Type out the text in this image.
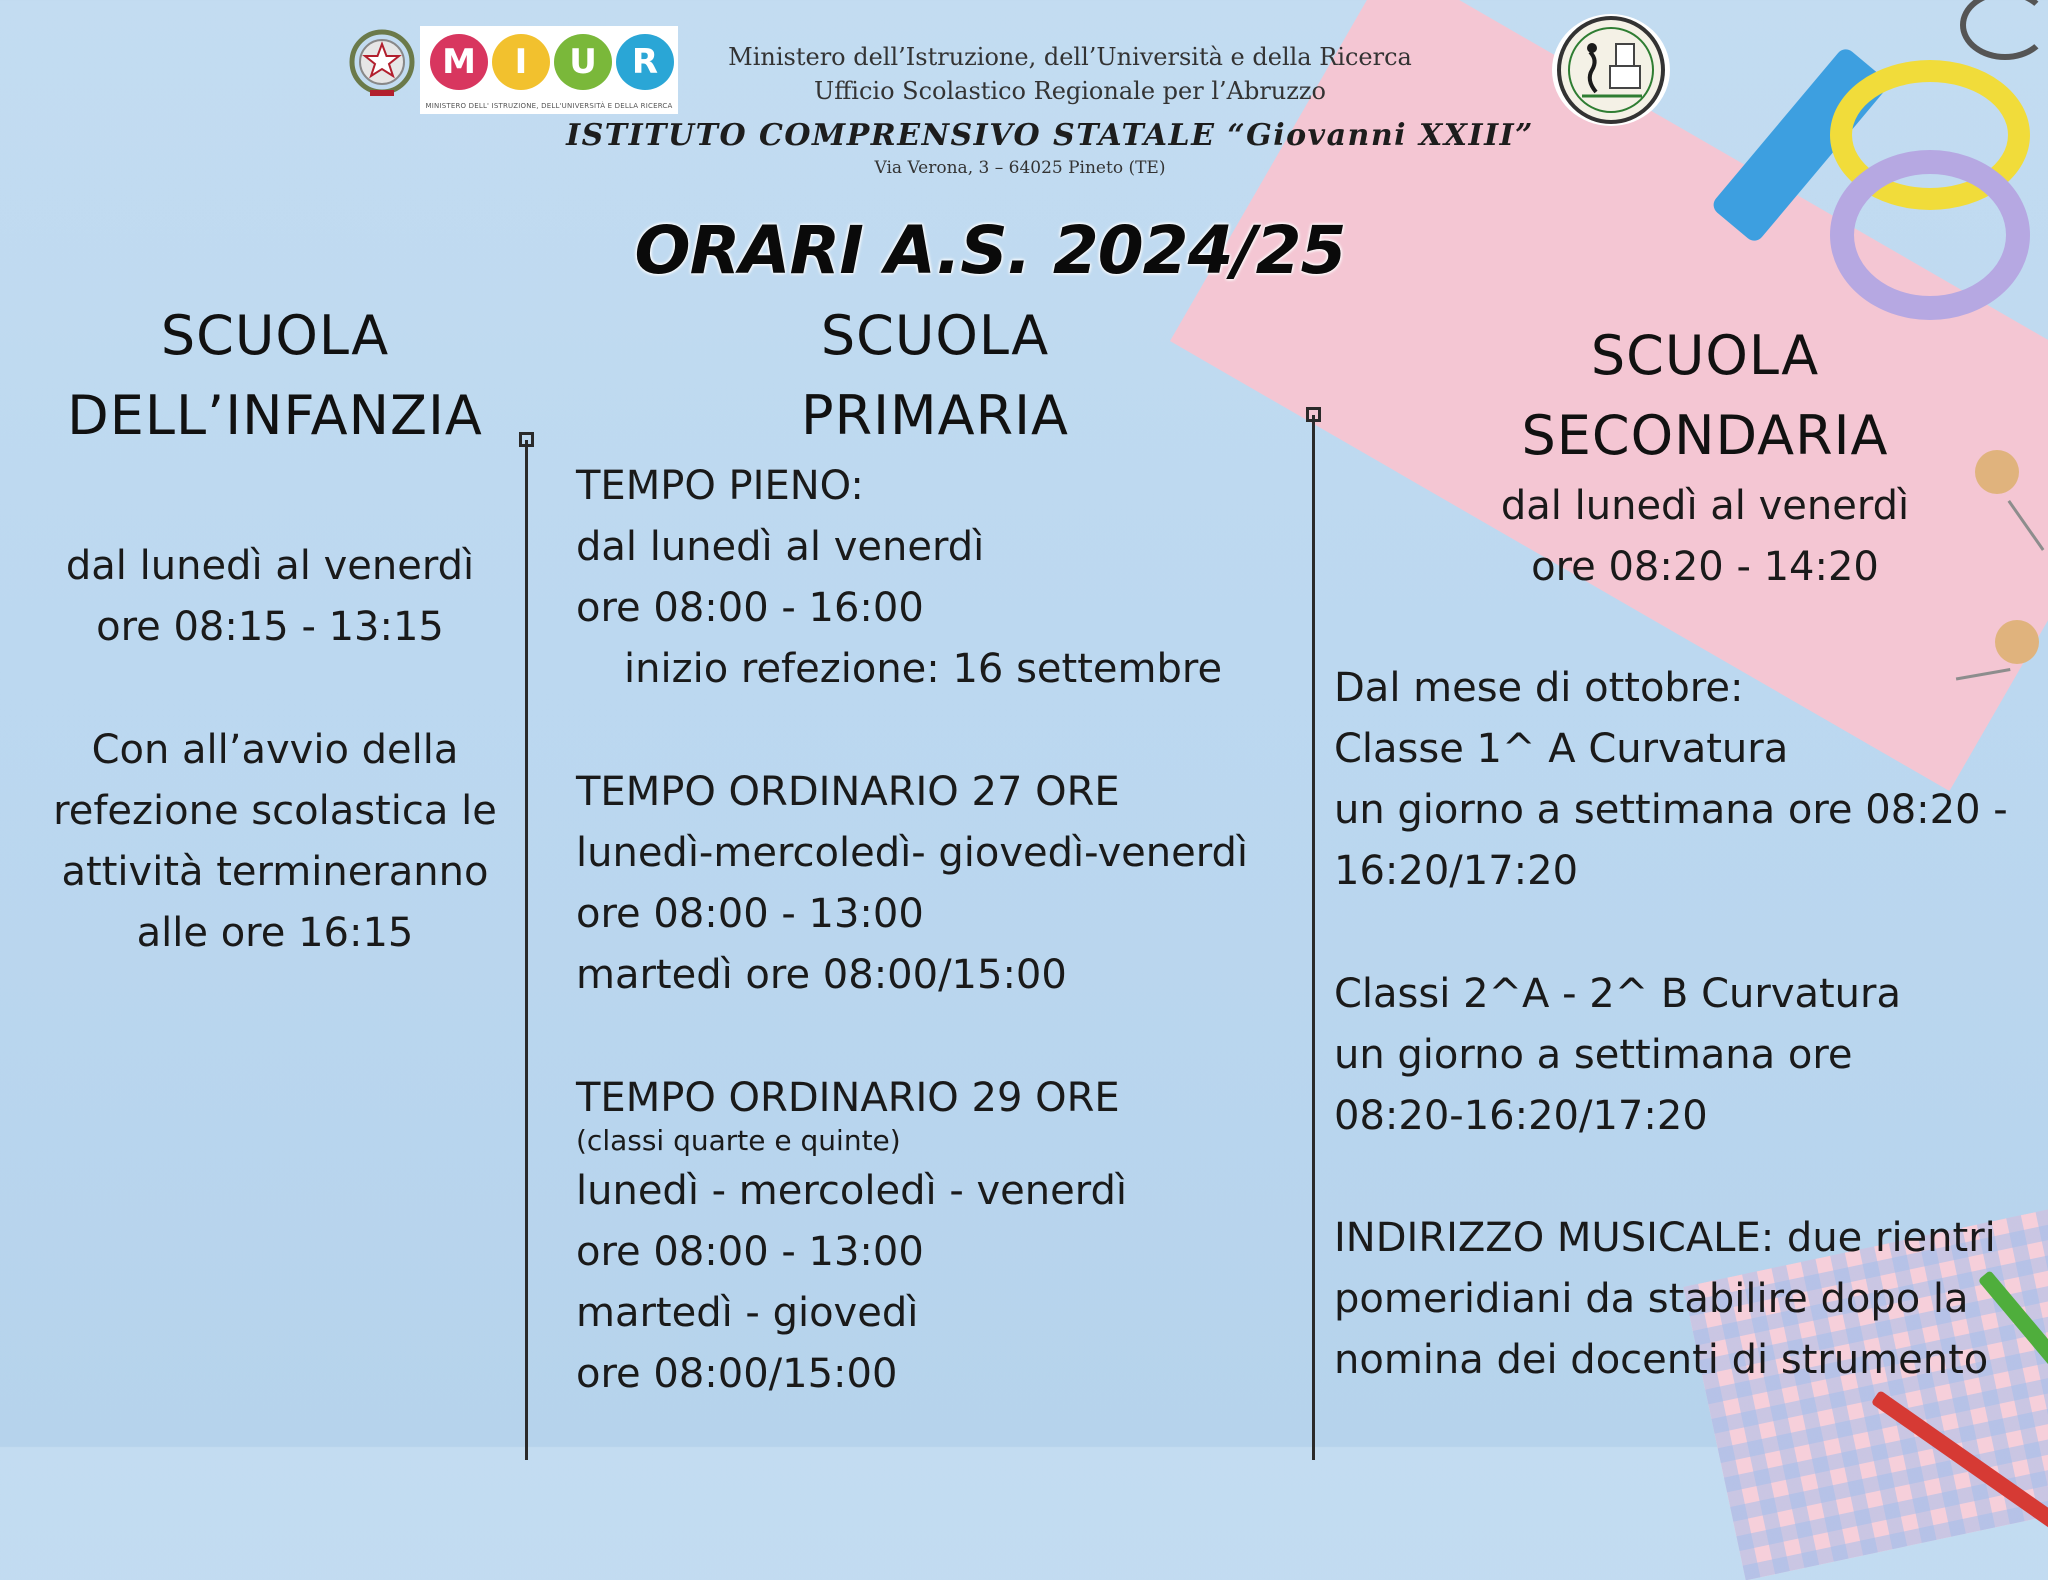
M	I	U	R
MINISTERO DELL' ISTRUZIONE, DELL'UNIVERSITÀ E DELLA RICERCA
Ministero dell’Istruzione, dell’Università e della Ricerca
Ufficio Scolastico Regionale per l’Abruzzo
ISTITUTO COMPRENSIVO STATALE “Giovanni XXIII”
Via Verona, 3 – 64025 Pineto (TE)
ORARI A.S. 2024/25
SCUOLA
DELL’INFANZIA
dal lunedì al venerdì
ore 08:15 - 13:15
Con all’avvio della
refezione scolastica le
attività termineranno
alle ore 16:15
SCUOLA
PRIMARIA
TEMPO PIENO:
dal lunedì al venerdì
ore 08:00 - 16:00
inizio refezione: 16 settembre
TEMPO ORDINARIO 27 ORE
lunedì-mercoledì- giovedì-venerdì
ore 08:00 - 13:00
martedì ore 08:00/15:00
TEMPO ORDINARIO 29 ORE
(classi quarte e quinte)
lunedì - mercoledì - venerdì
ore 08:00 - 13:00
martedì - giovedì
ore 08:00/15:00
SCUOLA
SECONDARIA
dal lunedì al venerdì
ore 08:20 - 14:20
Dal mese di ottobre:
Classe 1^ A Curvatura
un giorno a settimana ore 08:20 -
16:20/17:20
Classi 2^A - 2^ B Curvatura
un giorno a settimana ore
08:20-16:20/17:20
INDIRIZZO MUSICALE: due rientri
pomeridiani da stabilire dopo la
nomina dei docenti di strumento
